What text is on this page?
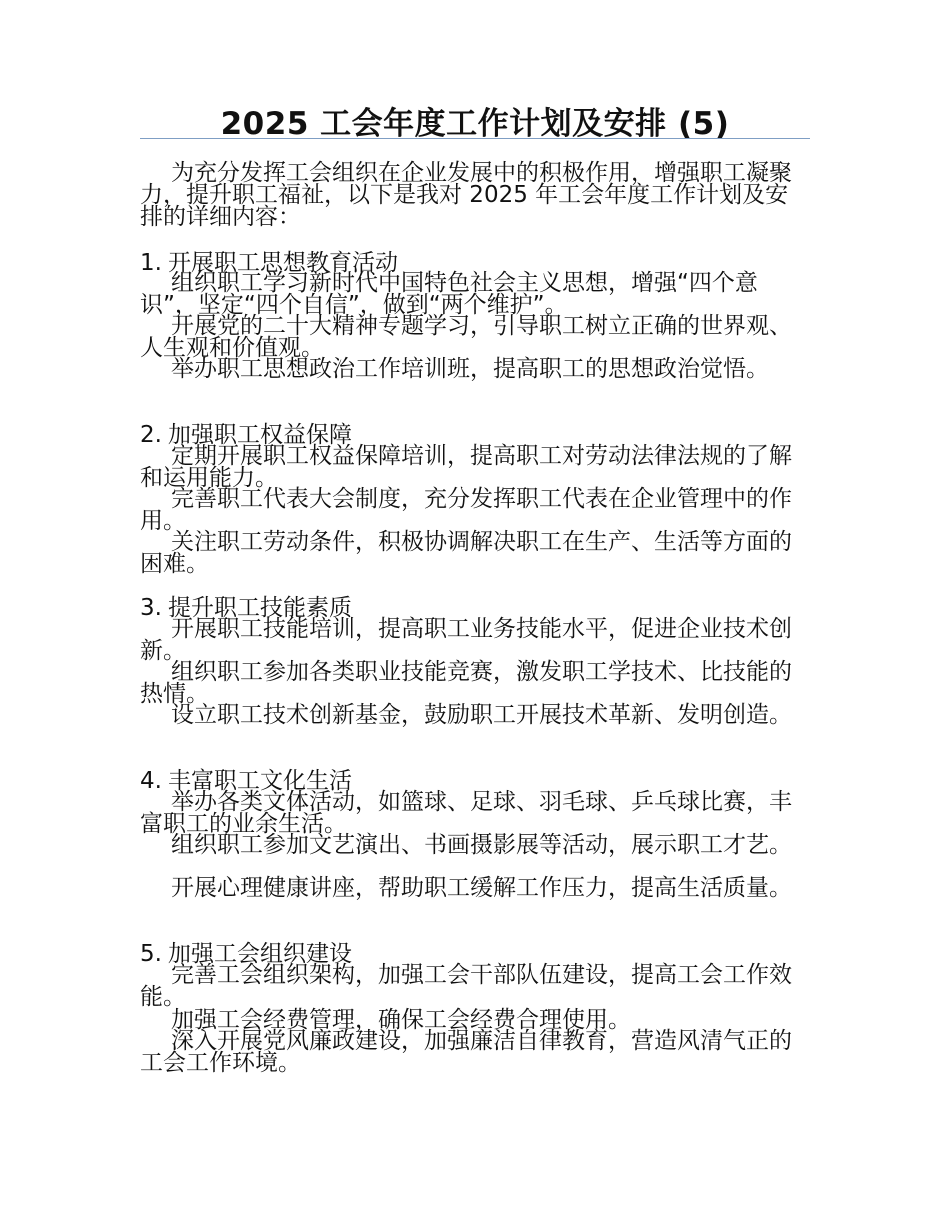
2025 工会年度工作计划及安排 (5)
为充分发挥工会组织在企业发展中的积极作用，增强职工凝聚力，提升职工福祉，以下是我对 2025 年工会年度工作计划及安排的详细内容：
1. 开展职工思想教育活动
组织职工学习新时代中国特色社会主义思想，增强“四个意识”，坚定“四个自信”，做到“两个维护”。
开展党的二十大精神专题学习，引导职工树立正确的世界观、人生观和价值观。
举办职工思想政治工作培训班，提高职工的思想政治觉悟。
2. 加强职工权益保障
定期开展职工权益保障培训，提高职工对劳动法律法规的了解和运用能力。
完善职工代表大会制度，充分发挥职工代表在企业管理中的作用。
关注职工劳动条件，积极协调解决职工在生产、生活等方面的困难。
3. 提升职工技能素质
开展职工技能培训，提高职工业务技能水平，促进企业技术创新。
组织职工参加各类职业技能竞赛，激发职工学技术、比技能的热情。
设立职工技术创新基金，鼓励职工开展技术革新、发明创造。
4. 丰富职工文化生活
举办各类文体活动，如篮球、足球、羽毛球、乒乓球比赛，丰富职工的业余生活。
组织职工参加文艺演出、书画摄影展等活动，展示职工才艺。
开展心理健康讲座，帮助职工缓解工作压力，提高生活质量。
5. 加强工会组织建设
完善工会组织架构，加强工会干部队伍建设，提高工会工作效能。
加强工会经费管理，确保工会经费合理使用。
深入开展党风廉政建设，加强廉洁自律教育，营造风清气正的工会工作环境。
